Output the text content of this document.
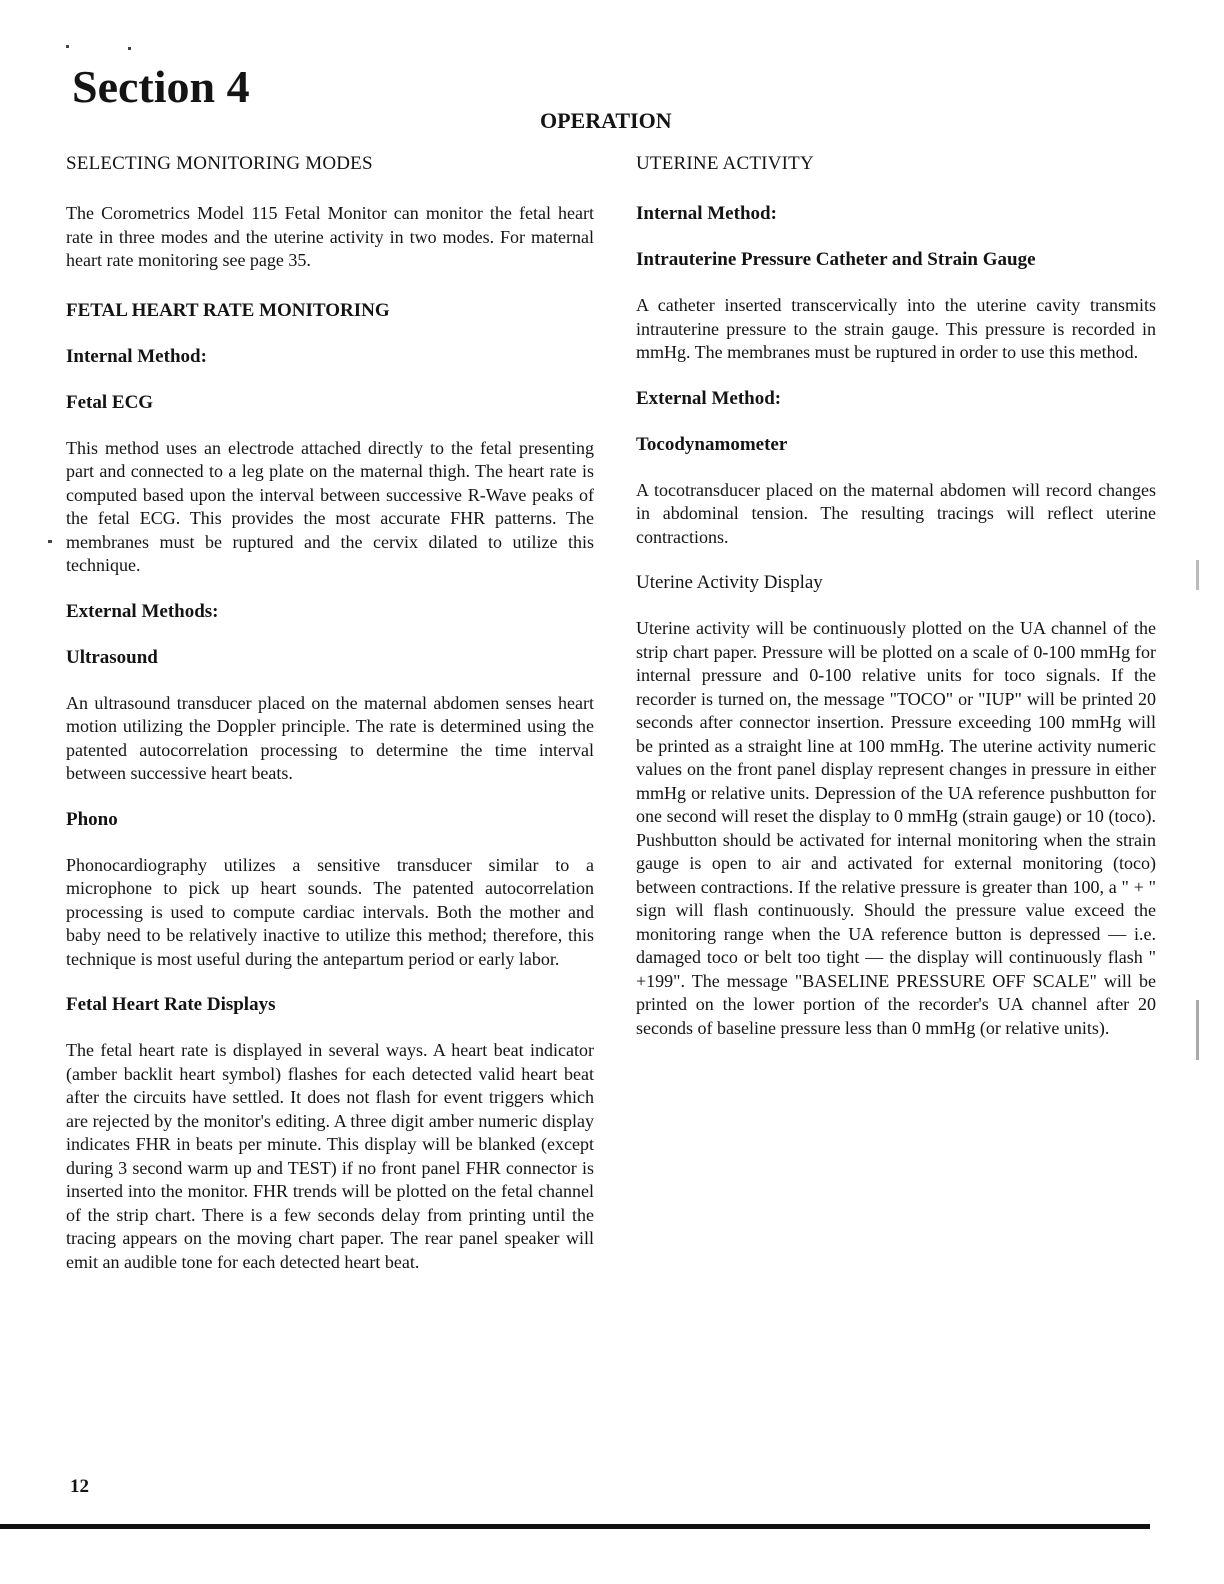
Section 4
OPERATION
SELECTING MONITORING MODES

The Corometrics Model 115 Fetal Monitor can monitor the fetal heart rate in three modes and the uterine activity in two modes. For maternal heart rate monitoring see page 35.

FETAL HEART RATE MONITORING
Internal Method:
Fetal ECG

This method uses an electrode attached directly to the fetal presenting part and connected to a leg plate on the maternal thigh. The heart rate is computed based upon the interval between successive R-Wave peaks of the fetal ECG. This provides the most accurate FHR patterns. The membranes must be ruptured and the cervix dilated to utilize this technique.

External Methods:
Ultrasound

An ultrasound transducer placed on the maternal abdomen senses heart motion utilizing the Doppler principle. The rate is determined using the patented autocorrelation processing to determine the time interval between successive heart beats.

Phono

Phonocardiography utilizes a sensitive transducer similar to a microphone to pick up heart sounds. The patented autocorrelation processing is used to compute cardiac intervals. Both the mother and baby need to be relatively inactive to utilize this method; therefore, this technique is most useful during the antepartum period or early labor.

Fetal Heart Rate Displays

The fetal heart rate is displayed in several ways. A heart beat indicator (amber backlit heart symbol) flashes for each detected valid heart beat after the circuits have settled. It does not flash for event triggers which are rejected by the monitor's editing. A three digit amber numeric display indicates FHR in beats per minute. This display will be blanked (except during 3 second warm up and TEST) if no front panel FHR connector is inserted into the monitor. FHR trends will be plotted on the fetal channel of the strip chart. There is a few seconds delay from printing until the tracing appears on the moving chart paper. The rear panel speaker will emit an audible tone for each detected heart beat.

UTERINE ACTIVITY
Internal Method:
Intrauterine Pressure Catheter and Strain Gauge

A catheter inserted transcervically into the uterine cavity transmits intrauterine pressure to the strain gauge. This pressure is recorded in mmHg. The membranes must be ruptured in order to use this method.

External Method:
Tocodynamometer

A tocotransducer placed on the maternal abdomen will record changes in abdominal tension. The resulting tracings will reflect uterine contractions.

Uterine Activity Display

Uterine activity will be continuously plotted on the UA channel of the strip chart paper. Pressure will be plotted on a scale of 0-100 mmHg for internal pressure and 0-100 relative units for toco signals. If the recorder is turned on, the message "TOCO" or "IUP" will be printed 20 seconds after connector insertion. Pressure exceeding 100 mmHg will be printed as a straight line at 100 mmHg. The uterine activity numeric values on the front panel display represent changes in pressure in either mmHg or relative units. Depression of the UA reference pushbutton for one second will reset the display to 0 mmHg (strain gauge) or 10 (toco). Pushbutton should be activated for internal monitoring when the strain gauge is open to air and activated for external monitoring (toco) between contractions. If the relative pressure is greater than 100, a " + " sign will flash continuously. Should the pressure value exceed the monitoring range when the UA reference button is depressed — i.e. damaged toco or belt too tight — the display will continuously flash " +199". The message "BASELINE PRESSURE OFF SCALE" will be printed on the lower portion of the recorder's UA channel after 20 seconds of baseline pressure less than 0 mmHg (or relative units).

12
